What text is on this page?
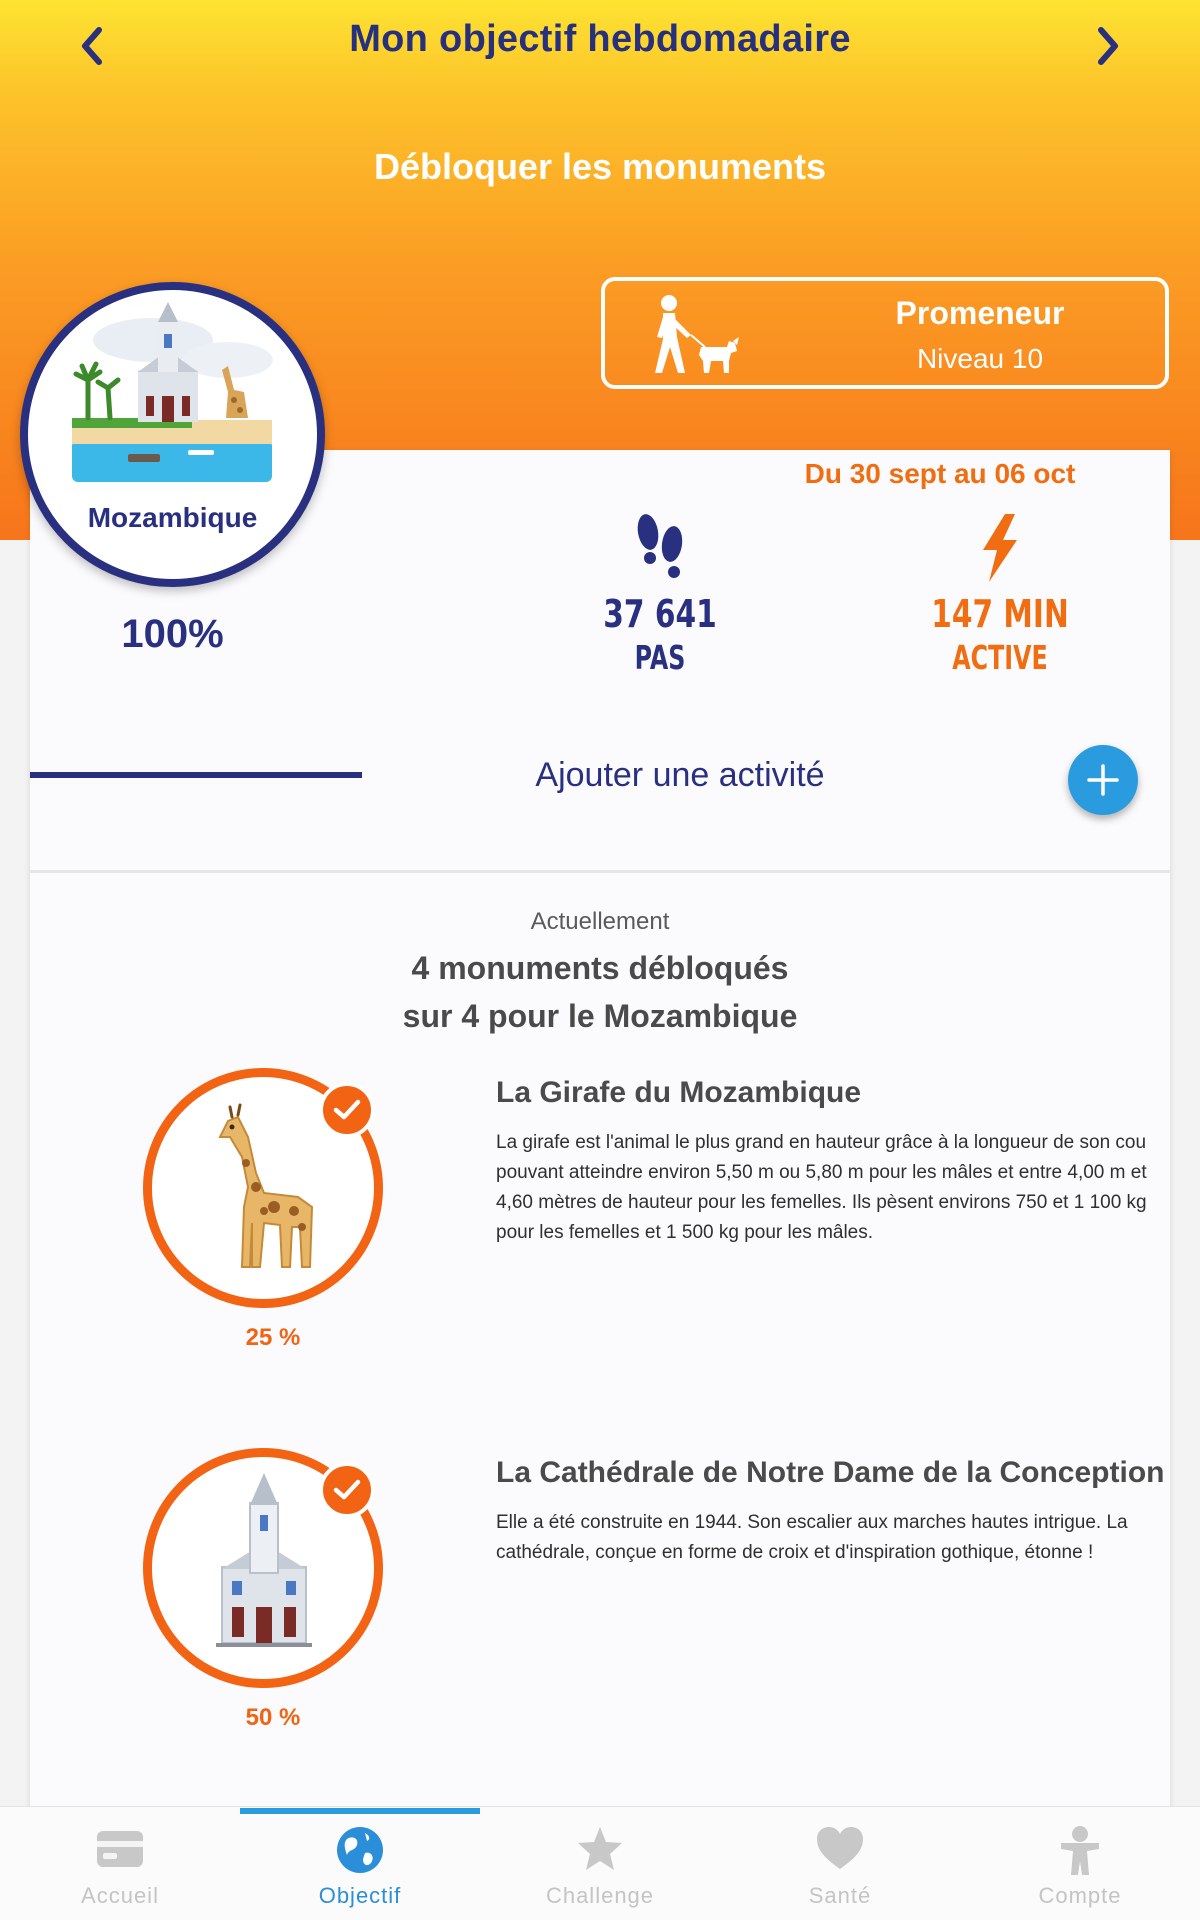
Mon objectif hebdomadaire
Débloquer les monuments
Promeneur
Niveau 10
Mozambique
100%
Du 30 sept au 06 oct
37 641
PAS
147 MIN
ACTIVE
Ajouter une activité
Actuellement
4 monuments débloqués
sur 4 pour le Mozambique
25 %
La Girafe du Mozambique
La girafe est l'animal le plus grand en hauteur grâce à la longueur de son cou pouvant atteindre environ 5,50 m ou 5,80 m pour les mâles et entre 4,00 m et 4,60 mètres de hauteur pour les femelles. Ils pèsent environs 750 et 1 100 kg pour les femelles et 1 500 kg pour les mâles.
50 %
La Cathédrale de Notre Dame de la Conception
Elle a été construite en 1944. Son escalier aux marches hautes intrigue. La cathédrale, conçue en forme de croix et d'inspiration gothique, étonne !
Accueil	Objectif	Challenge	Santé	Compte
